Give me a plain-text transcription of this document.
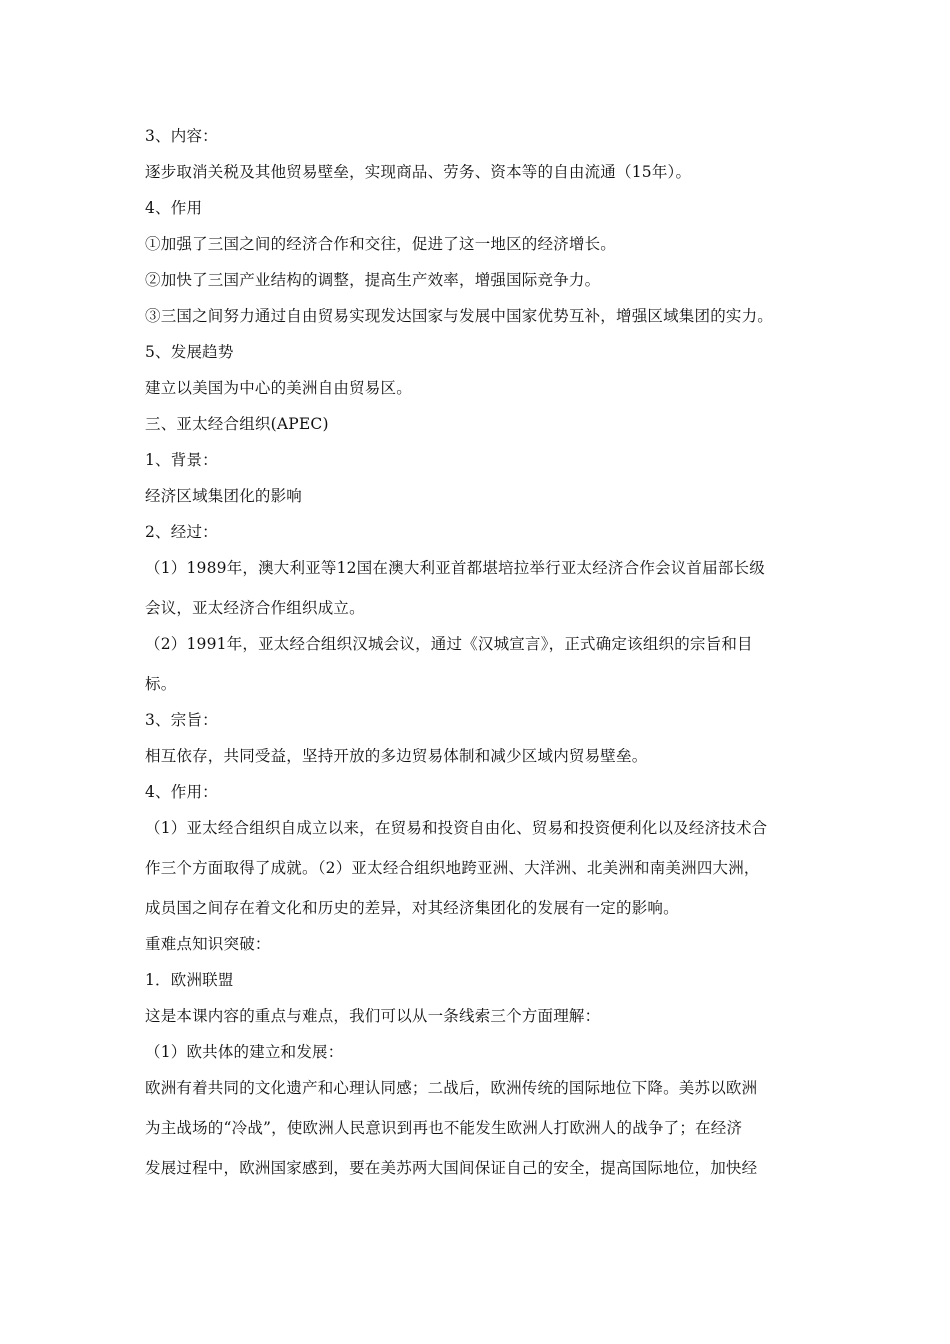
3、内容：
逐步取消关税及其他贸易壁垒，实现商品、劳务、资本等的自由流通（15年）。
4、作用
①加强了三国之间的经济合作和交往，促进了这一地区的经济增长。
②加快了三国产业结构的调整，提高生产效率，增强国际竞争力。
③三国之间努力通过自由贸易实现发达国家与发展中国家优势互补，增强区域集团的实力。
5、发展趋势
建立以美国为中心的美洲自由贸易区。
三、亚太经合组织(APEC)
1、背景：
经济区域集团化的影响
2、经过：
（1）1989年，澳大利亚等12国在澳大利亚首都堪培拉举行亚太经济合作会议首届部长级
会议，亚太经济合作组织成立。
（2）1991年，亚太经合组织汉城会议，通过《汉城宣言》，正式确定该组织的宗旨和目
标。
3、宗旨：
相互依存，共同受益，坚持开放的多边贸易体制和减少区域内贸易壁垒。
4、作用：
（1）亚太经合组织自成立以来，在贸易和投资自由化、贸易和投资便利化以及经济技术合
作三个方面取得了成就。（2）亚太经合组织地跨亚洲、大洋洲、北美洲和南美洲四大洲，
成员国之间存在着文化和历史的差异，对其经济集团化的发展有一定的影响。
重难点知识突破：
1．欧洲联盟
这是本课内容的重点与难点，我们可以从一条线索三个方面理解：
（1）欧共体的建立和发展：
欧洲有着共同的文化遗产和心理认同感；二战后，欧洲传统的国际地位下降。美苏以欧洲
为主战场的“冷战”，使欧洲人民意识到再也不能发生欧洲人打欧洲人的战争了；在经济
发展过程中，欧洲国家感到，要在美苏两大国间保证自己的安全，提高国际地位，加快经
